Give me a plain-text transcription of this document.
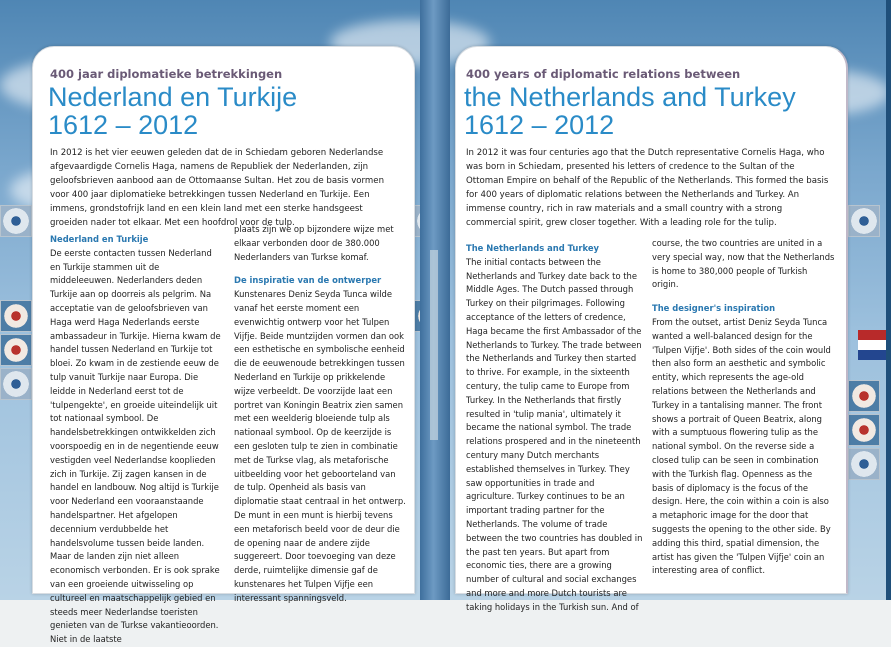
400 jaar diplomatieke betrekkingen
Nederland en Turkije
1612 – 2012
In 2012 is het vier eeuwen geleden dat de in Schiedam geboren Nederlandse afgevaardigde Cornelis Haga, namens de Republiek der Nederlanden, zijn geloofsbrieven aanbood aan de Ottomaanse Sultan. Het zou de basis vormen voor 400 jaar diplomatieke betrekkingen tussen Nederland en Turkije. Een immens, grondstofrijk land en een klein land met een sterke handsgeest groeiden nader tot elkaar. Met een hoofdrol voor de tulp.

Nederland en Turkije

De eerste contacten tussen Nederland en Turkije stammen uit de middeleeuwen. Nederlanders deden Turkije aan op doorreis als pelgrim. Na acceptatie van de geloofsbrieven van Haga werd Haga Nederlands eerste ambassadeur in Turkije. Hierna kwam de handel tussen Nederland en Turkije tot bloei. Zo kwam in de zestiende eeuw de tulp vanuit Turkije naar Europa. Die leidde in Nederland eerst tot de 'tulpengekte', en groeide uiteindelijk uit tot nationaal symbool. De handelsbetrekkingen ontwikkelden zich voorspoedig en in de negentiende eeuw vestigden veel Nederlandse kooplieden zich in Turkije. Zij zagen kansen in de handel en landbouw. Nog altijd is Turkije voor Nederland een vooraanstaande handelspartner. Het afgelopen decennium verdubbelde het handelsvolume tussen beide landen. Maar de landen zijn niet alleen economisch verbonden. Er is ook sprake van een groeiende uitwisseling op cultureel en maatschappelijk gebied en steeds meer Nederlandse toeristen genieten van de Turkse vakantieoorden. Niet in de laatste

plaats zijn we op bijzondere wijze met elkaar verbonden door de 380.000 Nederlanders van Turkse komaf.

De inspiratie van de ontwerper

Kunstenares Deniz Seyda Tunca wilde vanaf het eerste moment een evenwichtig ontwerp voor het Tulpen Vijfje. Beide muntzijden vormen dan ook een esthetische en symbolische eenheid die de eeuwenoude betrekkingen tussen Nederland en Turkije op prikkelende wijze verbeeldt. De voorzijde laat een portret van Koningin Beatrix zien samen met een weelderig bloeiende tulp als nationaal symbool. Op de keerzijde is een gesloten tulp te zien in combinatie met de Turkse vlag, als metaforische uitbeelding voor het geboorteland van de tulp. Openheid als basis van diplomatie staat centraal in het ontwerp. De munt in een munt is hierbij tevens een metaforisch beeld voor de deur die de opening naar de andere zijde suggereert. Door toevoeging van deze derde, ruimtelijke dimensie gaf de kunstenares het Tulpen Vijfje een interessant spanningsveld.

400 years of diplomatic relations between
the Netherlands and Turkey
1612 – 2012
In 2012 it was four centuries ago that the Dutch representative Cornelis Haga, who was born in Schiedam, presented his letters of credence to the Sultan of the Ottoman Empire on behalf of the Republic of the Netherlands. This formed the basis for 400 years of diplomatic relations between the Netherlands and Turkey. An immense country, rich in raw materials and a small country with a strong commercial spirit, grew closer together. With a leading role for the tulip.

The Netherlands and Turkey

The initial contacts between the Netherlands and Turkey date back to the Middle Ages. The Dutch passed through Turkey on their pilgrimages. Following acceptance of the letters of credence, Haga became the first Ambassador of the Netherlands to Turkey. The trade between the Netherlands and Turkey then started to thrive. For example, in the sixteenth century, the tulip came to Europe from Turkey. In the Netherlands that firstly resulted in 'tulip mania', ultimately it became the national symbol. The trade relations prospered and in the nineteenth century many Dutch merchants established themselves in Turkey. They saw opportunities in trade and agriculture. Turkey continues to be an important trading partner for the Netherlands. The volume of trade between the two countries has doubled in the past ten years. But apart from economic ties, there are a growing number of cultural and social exchanges and more and more Dutch tourists are taking holidays in the Turkish sun. And of

course, the two countries are united in a very special way, now that the Netherlands is home to 380,000 people of Turkish origin.

The designer's inspiration

From the outset, artist Deniz Seyda Tunca wanted a well-balanced design for the 'Tulpen Vijfje'. Both sides of the coin would then also form an aesthetic and symbolic entity, which represents the age-old relations between the Netherlands and Turkey in a tantalising manner. The front shows a portrait of Queen Beatrix, along with a sumptuous flowering tulip as the national symbol. On the reverse side a closed tulip can be seen in combination with the Turkish flag. Openness as the basis of diplomacy is the focus of the design. Here, the coin within a coin is also a metaphoric image for the door that suggests the opening to the other side. By adding this third, spatial dimension, the artist has given the 'Tulpen Vijfje' coin an interesting area of conflict.
